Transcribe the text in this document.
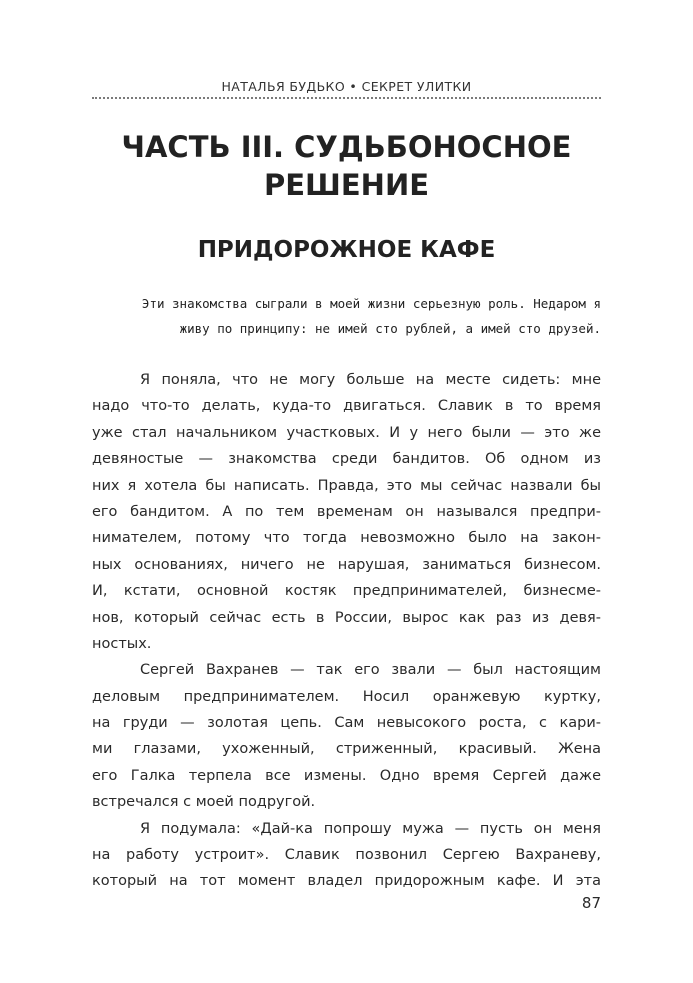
НАТАЛЬЯ БУДЬКО • СЕКРЕТ УЛИТКИ
ЧАСТЬ III. СУДЬБОНОСНОЕ
РЕШЕНИЕ
ПРИДОРОЖНОЕ КАФЕ
Эти знакомства сыграли в моей жизни серьезную роль. Недаром я
живу по принципу: не имей сто рублей, а имей сто друзей.
Я поняла, что не могу больше на месте сидеть: мне
надо что-то делать, куда-то двигаться. Славик в то время
уже стал начальником участковых. И у него были — это же
девяностые — знакомства среди бандитов. Об одном из
них я хотела бы написать. Правда, это мы сейчас назвали бы
его бандитом. А по тем временам он назывался предпри-
нимателем, потому что тогда невозможно было на закон-
ных основаниях, ничего не нарушая, заниматься бизнесом.
И, кстати, основной костяк предпринимателей, бизнесме-
нов, который сейчас есть в России, вырос как раз из девя-
ностых.
Сергей Вахранев — так его звали — был настоящим
деловым предпринимателем. Носил оранжевую куртку,
на груди — золотая цепь. Сам невысокого роста, с кари-
ми глазами, ухоженный, стриженный, красивый. Жена
его Галка терпела все измены. Одно время Сергей даже
встречался с моей подругой.
Я подумала: «Дай-ка попрошу мужа — пусть он меня
на работу устроит». Славик позвонил Сергею Вахраневу,
который на тот момент владел придорожным кафе. И эта
87
